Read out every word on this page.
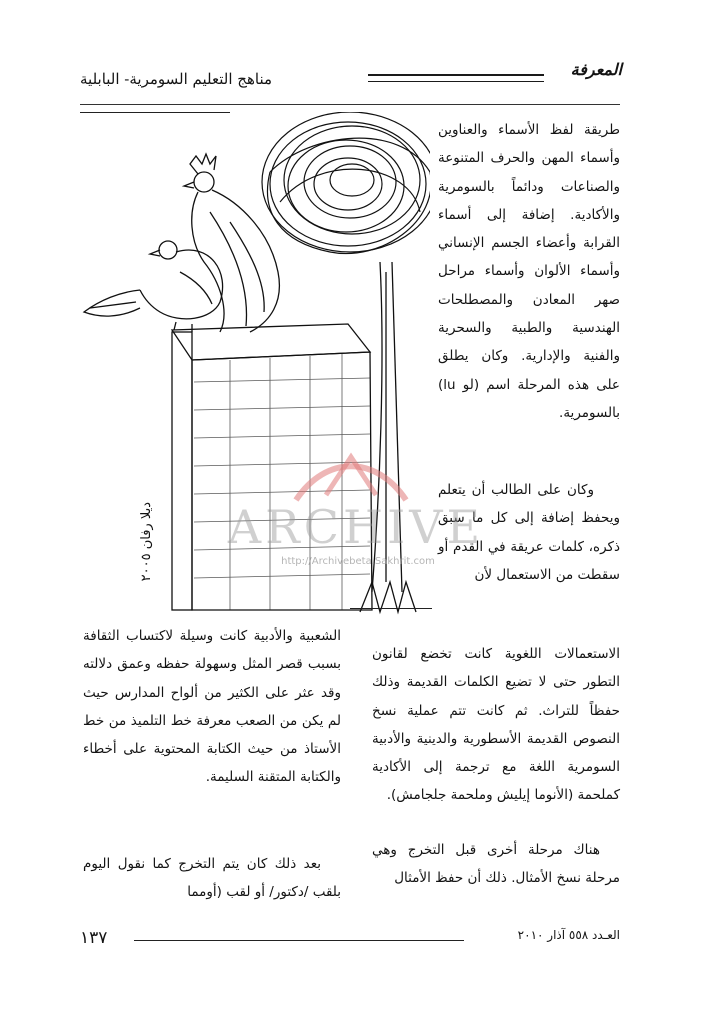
المعرفة
مناهج التعليم السومرية- البابلية
ديلا رفان ٢٠٠٥

طريقة لفظ الأسماء والعناوين وأسماء المهن والحرف المتنوعة والصناعات ودائماً بالسومرية والأكادية. إضافة إلى أسماء القرابة وأعضاء الجسم الإنساني وأسماء الألوان وأسماء مراحل صهر المعادن والمصطلحات الهندسية والطبية والسحرية والفنية والإدارية. وكان يطلق على هذه المرحلة اسم (لو lu) بالسومرية.

وكان على الطالب أن يتعلم ويحفظ إضافة إلى كل ما سبق ذكره، كلمات عريقة في القدم أو سقطت من الاستعمال لأن

الاستعمالات اللغوية كانت تخضع لقانون التطور حتى لا تضيع الكلمات القديمة وذلك حفظاً للتراث. ثم كانت تتم عملية نسخ النصوص القديمة الأسطورية والدينية والأدبية السومرية اللغة مع ترجمة إلى الأكادية كملحمة (الأنوما إيليش وملحمة جلجامش).

هناك مرحلة أخرى قبل التخرج وهي مرحلة نسخ الأمثال. ذلك أن حفظ الأمثال

الشعبية والأدبية كانت وسيلة لاكتساب الثقافة بسبب قصر المثل وسهولة حفظه وعمق دلالته وقد عثر على الكثير من ألواح المدارس حيث لم يكن من الصعب معرفة خط التلميذ من خط الأستاذ من حيث الكتابة المحتوية على أخطاء والكتابة المتقنة السليمة.

بعد ذلك كان يتم التخرج كما نقول اليوم بلقب /دكتور/ أو لقب (أومما

ARCHIVE
http://Archivebeta.Sakhrit.com
١٣٧	العـدد ٥٥٨ آذار ٢٠١٠
